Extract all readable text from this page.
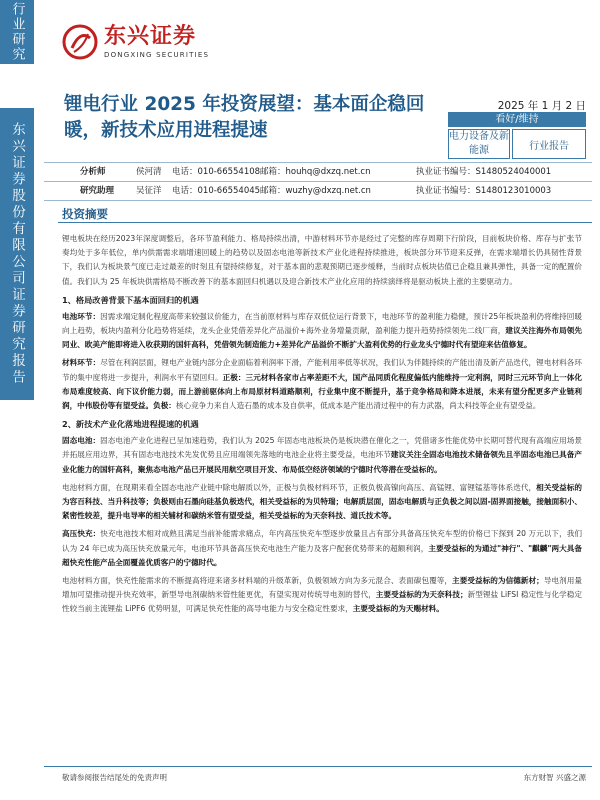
行业研究
东兴证券股份有限公司证券研究报告
东兴证券
DONGXING SECURITIES
锂电行业 2025 年投资展望：基本面企稳回暖，新技术应用进程提速
2025 年 1 月 2 日
看好/维持
电力设备及新能源	行业报告
分析师	侯河清 电话：010-66554108 邮箱：houhq@dxzq.net.cn	执业证书编号：S1480524040001
研究助理	吴征洋 电话：010-66554045 邮箱：wuzhy@dxzq.net.cn	执业证书编号：S1480123010003
投资摘要

锂电板块在经历2023年深度调整后，各环节盈利能力、格局持续出清，中游材料环节亦是经过了完整的库存周期下行阶段，目前板块价格、库存与扩张节奏均处于多年低位，单内供需需求端增速回暖上的趋势以及固态电池等新技术产业化进程持续推进，板块部分环节迎来反弹，在需求端增长仍具韧性背景下，我们认为板块景气度已走过最差的时刻且有望持续修复，对于基本面的悲观预期已逐步缓释，当前时点板块估值已企稳且兼具弹性，具备一定的配置价值。我们认为 25 年板块供需格局不断改善下的基本面回归机遇以及迎合新技术产业化应用的持续演绎将是驱动板块上涨的主要驱动力。

1、格局改善背景下基本面回归的机遇

电池环节：因需求端定制化程度高带来较强议价能力，在当前原材料与库存双低位运行背景下，电池环节的盈利能力稳健，预计25年板块盈利仍将维持回暖向上趋势，板块内盈利分化趋势将延续，龙头企业凭借差异化产品溢价+海外业务增量贡献，盈利能力提升趋势持续领先二线厂商，建议关注海外布局领先同业、欧美产能即将进入收获期的国轩高科，凭借领先制造能力+差异化产品溢价不断扩大盈利优势的行业龙头宁德时代有望迎来估值修复。

材料环节：尽管在利润层面，锂电产业链内部分企业面临着利润率下滑，产能利用率低等状况，我们认为伴随持续的产能出清及新产品迭代，锂电材料各环节的集中度将进一步提升，利润水平有望回归。正极：三元材料各家市占率差距不大，国产品同质化程度偏低内能维持一定利润，同时三元环节向上一体化布局难度较高、向下议价能力弱，而上游前驱体向上布局原材料道路顺利，行业集中度不断提升，基于竞争格局和降本进展，未来有望分配更多产业链利润，中伟股份等有望受益。负极：核心竞争力来自人造石墨的成本及自供率，低成本是产能出清过程中的有力武器，尚太科技等企业有望受益。

2、新技术产业化落地进程提速的机遇

固态电池：固态电池产业化进程已呈加速趋势，我们认为 2025 年固态电池板块仍是板块潜在催化之一，凭借诸多性能优势中长期可替代现有高端应用场景并拓展应用边界，其有固态电池技术先发优势且应用端领先落地的电池企业将主要受益，电池环节建议关注全固态电池技术储备领先且半固态电池已具备产业化能力的国轩高科，聚焦态电池产品已开展民用航空项目开发、布局低空经济领域的宁德时代等潜在受益标的。

电池材料方面，在现期来看全固态电池产业链中除电解质以外，正极与负极材料环节，正极负极高镍向高压、高锰锂、富锂锰基等体系迭代，相关受益标的为容百科技、当升科技等；负极则由石墨向硅基负极迭代，相关受益标的为贝特瑞；电解质层面，固态电解质与正负极之间以固-固界面接触，接触面积小、紧密性较差，提升电导率的相关辅材和碳纳米管有望受益，相关受益标的为天奈科技、道氏技术等。

高压快充：快充电池技术相对成熟且满足当前补能需求痛点，年内高压快充车型逐步放量且占有部分具备高压快充车型的价格已下探到 20 万元以下，我们认为 24 年已成为高压快充放量元年，电池环节具备高压快充电池生产能力及客户配套优势带来的超额利润，主要受益标的为通过"神行"、"麒麟"两大具备超快充性能产品全面覆盖优质客户的宁德时代。

电池材料方面，快充性能需求的不断提高将迎来诸多材料端的升级革新，负极领域方向为多元混合、表面碳包覆等，主要受益标的为信德新材；导电剂用量增加可望推动提升快充效率，新型导电剂碳纳米管性能更优，有望实现对传统导电剂的替代，主要受益标的为天奈科技；新型锂盐 LiFSI 稳定性与化学稳定性较当前主流锂盐 LiPF6 优势明显，可满足快充性能的高导电能力与安全稳定性要求，主要受益标的为天赐材料。

敬请参阅报告结尾处的免责声明	东方财智 兴盛之源
